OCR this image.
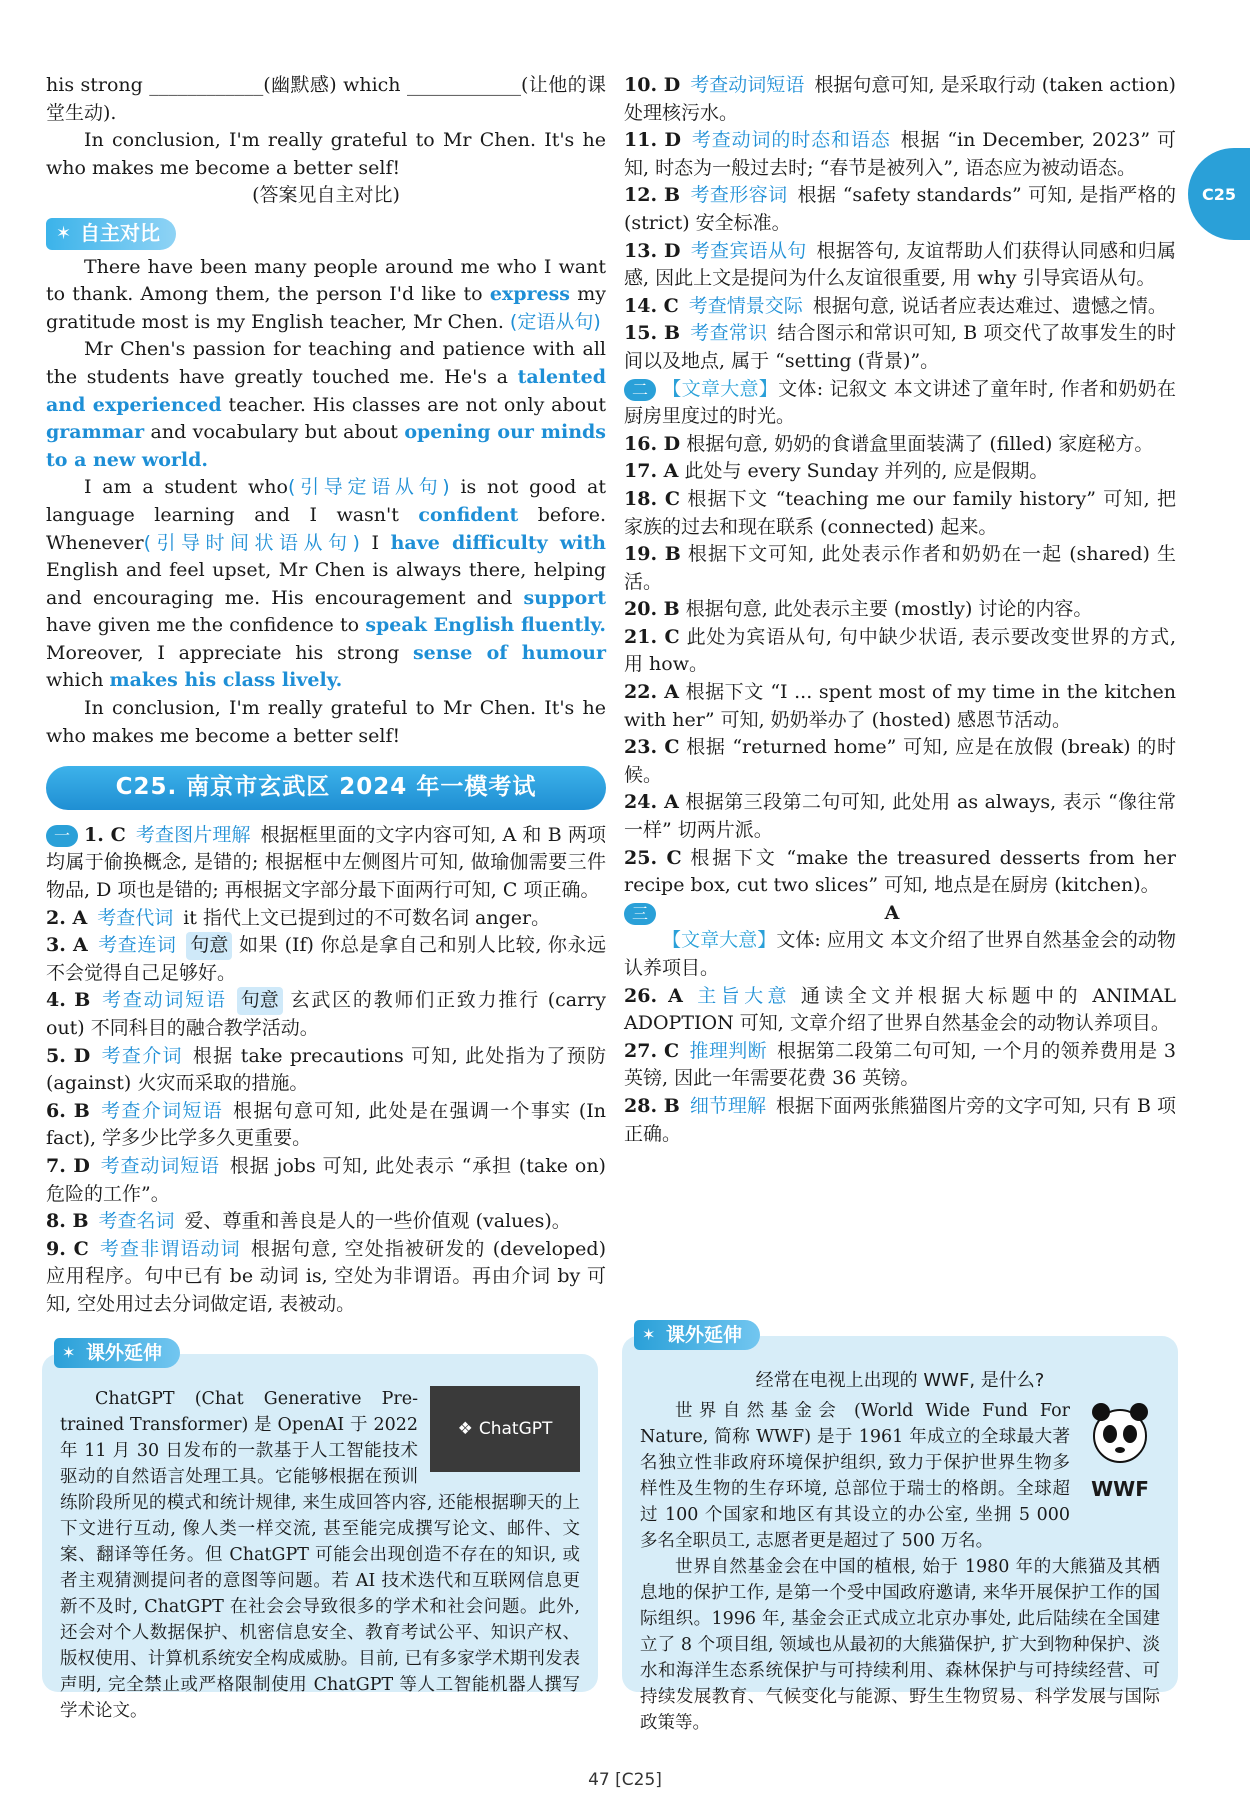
C25
his strong ____________(幽默感) which ____________(让他的课堂生动).
In conclusion, I'm really grateful to Mr Chen. It's he who makes me become a better self!
(答案见自主对比)
✶ 自主对比
There have been many people around me who I want to thank. Among them, the person I'd like to express my gratitude most is my English teacher, Mr Chen. (定语从句)
Mr Chen's passion for teaching and patience with all the students have greatly touched me. He's a talented and experienced teacher. His classes are not only about grammar and vocabulary but about opening our minds to a new world.
I am a student who(引导定语从句) is not good at language learning and I wasn't confident before. Whenever(引导时间状语从句) I have difficulty with English and feel upset, Mr Chen is always there, helping and encouraging me. His encouragement and support have given me the confidence to speak English fluently. Moreover, I appreciate his strong sense of humour which makes his class lively.
In conclusion, I'm really grateful to Mr Chen. It's he who makes me become a better self!
C25. 南京市玄武区 2024 年一模考试
一 1. C 考查图片理解 根据框里面的文字内容可知, A 和 B 两项均属于偷换概念, 是错的; 根据框中左侧图片可知, 做瑜伽需要三件物品, D 项也是错的; 再根据文字部分最下面两行可知, C 项正确。
2. A 考查代词 it 指代上文已提到过的不可数名词 anger。
3. A 考查连词 句意 如果 (If) 你总是拿自己和别人比较, 你永远不会觉得自己足够好。
4. B 考查动词短语 句意 玄武区的教师们正致力推行 (carry out) 不同科目的融合教学活动。
5. D 考查介词 根据 take precautions 可知, 此处指为了预防 (against) 火灾而采取的措施。
6. B 考查介词短语 根据句意可知, 此处是在强调一个事实 (In fact), 学多少比学多久更重要。
7. D 考查动词短语 根据 jobs 可知, 此处表示 “承担 (take on) 危险的工作”。
8. B 考查名词 爱、尊重和善良是人的一些价值观 (values)。
9. C 考查非谓语动词 根据句意, 空处指被研发的 (developed) 应用程序。句中已有 be 动词 is, 空处为非谓语。再由介词 by 可知, 空处用过去分词做定语, 表被动。
✶ 课外延伸
❖ ChatGPT
ChatGPT (Chat Generative Pre-trained Transformer) 是 OpenAI 于 2022 年 11 月 30 日发布的一款基于人工智能技术驱动的自然语言处理工具。它能够根据在预训练阶段所见的模式和统计规律, 来生成回答内容, 还能根据聊天的上下文进行互动, 像人类一样交流, 甚至能完成撰写论文、邮件、文案、翻译等任务。但 ChatGPT 可能会出现创造不存在的知识, 或者主观猜测提问者的意图等问题。若 AI 技术迭代和互联网信息更新不及时, ChatGPT 在社会会导致很多的学术和社会问题。此外, 还会对个人数据保护、机密信息安全、教育考试公平、知识产权、版权使用、计算机系统安全构成威胁。目前, 已有多家学术期刊发表声明, 完全禁止或严格限制使用 ChatGPT 等人工智能机器人撰写学术论文。
10. D 考查动词短语 根据句意可知, 是采取行动 (taken action) 处理核污水。
11. D 考查动词的时态和语态 根据 “in December, 2023” 可知, 时态为一般过去时; “春节是被列入”, 语态应为被动语态。
12. B 考查形容词 根据 “safety standards” 可知, 是指严格的 (strict) 安全标准。
13. D 考查宾语从句 根据答句, 友谊帮助人们获得认同感和归属感, 因此上文是提问为什么友谊很重要, 用 why 引导宾语从句。
14. C 考查情景交际 根据句意, 说话者应表达难过、遗憾之情。
15. B 考查常识 结合图示和常识可知, B 项交代了故事发生的时间以及地点, 属于 “setting (背景)”。
二 【文章大意】文体: 记叙文 本文讲述了童年时, 作者和奶奶在厨房里度过的时光。
16. D 根据句意, 奶奶的食谱盒里面装满了 (filled) 家庭秘方。
17. A 此处与 every Sunday 并列的, 应是假期。
18. C 根据下文 “teaching me our family history” 可知, 把家族的过去和现在联系 (connected) 起来。
19. B 根据下文可知, 此处表示作者和奶奶在一起 (shared) 生活。
20. B 根据句意, 此处表示主要 (mostly) 讨论的内容。
21. C 此处为宾语从句, 句中缺少状语, 表示要改变世界的方式, 用 how。
22. A 根据下文 “I ... spent most of my time in the kitchen with her” 可知, 奶奶举办了 (hosted) 感恩节活动。
23. C 根据 “returned home” 可知, 应是在放假 (break) 的时候。
24. A 根据第三段第二句可知, 此处用 as always, 表示 “像往常一样” 切两片派。
25. C 根据下文 “make the treasured desserts from her recipe box, cut two slices” 可知, 地点是在厨房 (kitchen)。
三	A
【文章大意】文体: 应用文 本文介绍了世界自然基金会的动物认养项目。
26. A 主旨大意 通读全文并根据大标题中的 ANIMAL ADOPTION 可知, 文章介绍了世界自然基金会的动物认养项目。
27. C 推理判断 根据第二段第二句可知, 一个月的领养费用是 3 英镑, 因此一年需要花费 36 英镑。
28. B 细节理解 根据下面两张熊猫图片旁的文字可知, 只有 B 项正确。
✶ 课外延伸
经常在电视上出现的 WWF, 是什么?
WWF
世界自然基金会 (World Wide Fund For Nature, 简称 WWF) 是于 1961 年成立的全球最大著名独立性非政府环境保护组织, 致力于保护世界生物多样性及生物的生存环境, 总部位于瑞士的格朗。全球超过 100 个国家和地区有其设立的办公室, 坐拥 5 000 多名全职员工, 志愿者更是超过了 500 万名。
世界自然基金会在中国的植根, 始于 1980 年的大熊猫及其栖息地的保护工作, 是第一个受中国政府邀请, 来华开展保护工作的国际组织。1996 年, 基金会正式成立北京办事处, 此后陆续在全国建立了 8 个项目组, 领域也从最初的大熊猫保护, 扩大到物种保护、淡水和海洋生态系统保护与可持续利用、森林保护与可持续经营、可持续发展教育、气候变化与能源、野生生物贸易、科学发展与国际政策等。
47 [C25]
